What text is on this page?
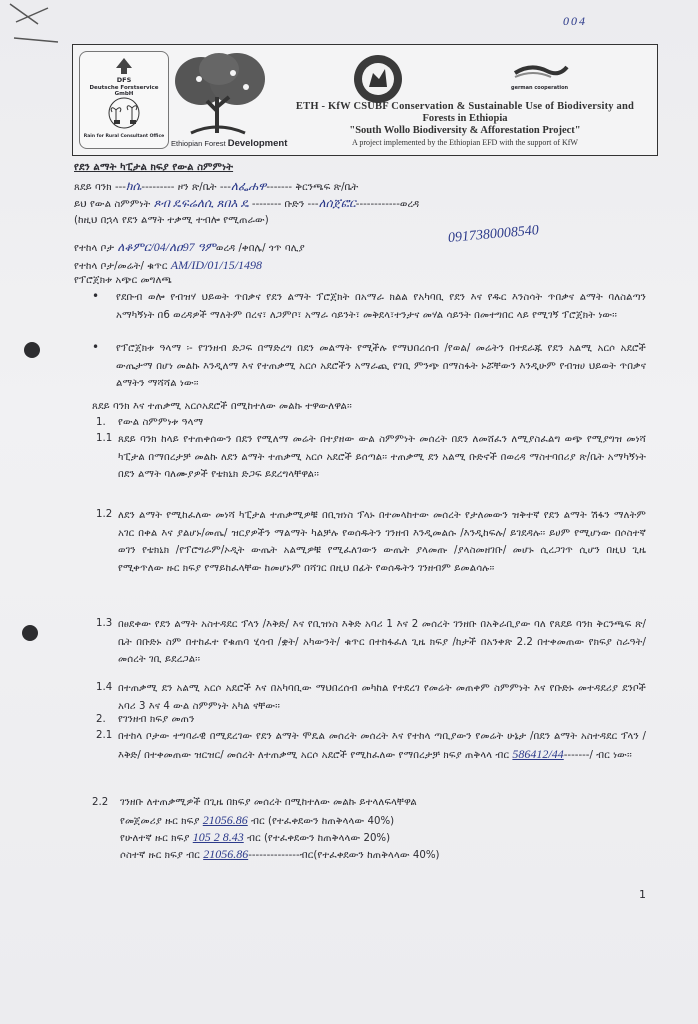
004
DFS
Deutsche Forstservice GmbH
Rain for Rural Consultant Office
Ethiopian Forest Development
german cooperation
ETH - KfW CSUBF Conservation & Sustainable Use of Biodiversity and
Forests in Ethiopia
"South Wollo Biodiversity & Afforestation Project"
A project implemented by the Ethiopian EFD with the support of KfW
የደን ልማት ካፒታል ክፍያ የውል ስምምነት
ጸደይ ባንክ ---ክሴ--------- ዞን ጽ/ቤት ---ለፌሐዋ------- ቅርንጫፍ ጽ/ቤት
ይህ የውል ስምምነት ጾብ ዴፍሬለሲ ጸበእ ዴ -------- ቡድን ---ለሰጀፎር------------ወረዳ
(ከዚህ በኋላ የደን ልማት ተቃሚ ተብሎ የሚጠራው)
የተከላ ቦታ ለቆምር/04/ለዐ97 ዓምወረዳ /ቀበሌ/ ጎጥ ባሊያ
0917380008540
የተከላ ቦታ/መሬት/ ቁጥር AM/ID/01/15/1498
የፕሮጀክቱ አጭር መግለጫ
• የደቡብ ወሎ የብዝሃ ህይወት ጥበቃና የደን ልማት ፕሮጀክት በአማራ ክልል የአካባቢ የደን እና የዱር እንስሳት ጥበቃና ልማት ባለስልጣን አማካኝነት በ6 ወረዳዎች ማለትም በረና፣ ለጋምቦ፣ አማራ ሳይንት፣ መቅደላ፣ተንታና መሃል ሳይንት በመተግበር ላይ የሚገኝ ፕሮጀክት ነው፡፡
• የፕሮጀክቱ ዓላማ ፡- የገንዘብ ድጋፍ በማድረግ በደን መልማት የሚችሉ የማህበረሰብ /የወል/ መሬትን በተደራጁ የደን አልሚ አርሶ አደሮች ውጤታማ በሆነ መልኩ እንዲለማ እና የተጠቃሚ አርሶ አደሮችን አማራጪ የገቢ ምንጭ በማስፋት ኑሯቸውን እንዲሁም የብዝሀ ህይወት ጥበቃና ልማትን ማሻሻል ነው፡፡
ጸደይ ባንክ እና ተጠቃሚ አርሶአደሮች በሚከተለው መልኩ ተዋውለዋል፡፡
1. የውል ስምምነቱ ዓላማ
1.1 ጸደይ ባንክ ከላይ የተጠቀሰውን በደን የሚለማ መሬት በተያዘው ውል ስምምነት መሰረት በደን ለመሸፈን ለሚያስፈልግ ወጭ የሚያግዝ መነሻ ካፒታል በማበረታቻ መልኩ ለደን ልማት ተጠቃሚ አርሶ አደሮች ይሰጣል፡፡ ተጠቃሚ ደን አልሚ ቡድኖች በወረዳ ማስተባበሪያ ጽ/ቤት አማካኝነት በደን ልማት ባለሙያዎች የቴክኒክ ድጋፍ ይደረግላቸዋል፡፡
1.2 ለደን ልማት የሚከፈለው መነሻ ካፒታል ተጠቃሚዎቹ በቢዝነስ ፕላኑ በተመላከተው መሰረት የታለመውን ዝቅተኛ የደን ልማት ሽፋን ማለትም አገር በቀል እና ያልሆኑ/መጤ/ ዝርያዎችን ማልማት ካልቻሉ የወሰዱትን ገንዘብ እንዲመልሱ /እንዲከፍሉ/ ይገደዳሉ፡፡ ይሀም የሚሆነው በሶስተኛ ወገን የቴክኒክ /የፕሮግራም/ኦዲት ውጤት አልሚዎቹ የሚፈለገውን ውጤት ያላመጡ /ያላስመዘገቡ/ መሆኑ ሲረጋገጥ ሲሆን በዚህ ጊዜ የሚቀጥለው ዙር ክፍያ የማይከፈላቸው ከመሆኑም በሻገር በዚህ በፊት የወሰዱትን ገንዘብም ይመልሳሉ፡፡
1.3 በፀደቀው የደን ልማት አስተዳደር ፕላን /እቅድ/ እና የቢዝነስ እቅድ አባሪ 1 እና 2 መሰረት ገንዘቡ በአቅራቢያው ባለ የጸደይ ባንክ ቅርንጫፍ ጽ/ቤት በቡድኑ ስም በተከፈተ የቁጠባ ሂሳብ /ቋት/ አካውንት/ ቁጥር በተከፋፈለ ጊዜ ክፍያ /ከታች በአንቀጽ 2.2 በተቀመጠው የክፍያ ስራዓት/ መሰረት ገቢ ይደረጋል፡፡
1.4 በተጠቃሚ ደን አልሚ አርሶ አደሮች እና በአካባቢው ማህበረሰብ መካከል የተደረገ የመሬት መጠቀም ስምምነት እና የቡድኑ መተዳደሪያ ደንቦች አባሪ 3 እና 4 ውል ስምምነት አካል ናቸው፡፡
2. የገንዘብ ክፍያ መጠን
2.1 በተከላ ቦታው ተግባራዊ በሚደረገው የደን ልማት ሞዴል መሰረት መሰረት እና የተከላ ጣቢያውን የመሬት ሁኔታ /በደን ልማት አስተዳደር ፕላን /እቅድ/ በተቀመጠው ዝርዝር/ መሰረት ለተጠቃሚ አርሶ አደሮች የሚከፈለው የማበረታቻ ክፍያ ጠቅላላ ብር 586412/44-------/ ብር ነው፡፡
2.2 ገንዘቡ ለተጠቃሚዎች በጊዜ በክፍያ መሰረት በሚከተለው መልኩ ይተላለፍላቸዋል
የመጀመሪያ ዙር ክፍያ 21056.86 ብር (የተፈቀደውን ከጠቅላላው 40%)
የሁለተኛ ዙር ክፍያ 105 2 8.43 ብር (የተፈቀደውን ከጠቅላላው 20%)
ሶስተኛ ዙር ክፍያ ብር 21056.86--------------ብር(የተፈቀደውን ከጠቅላላው 40%)
1
